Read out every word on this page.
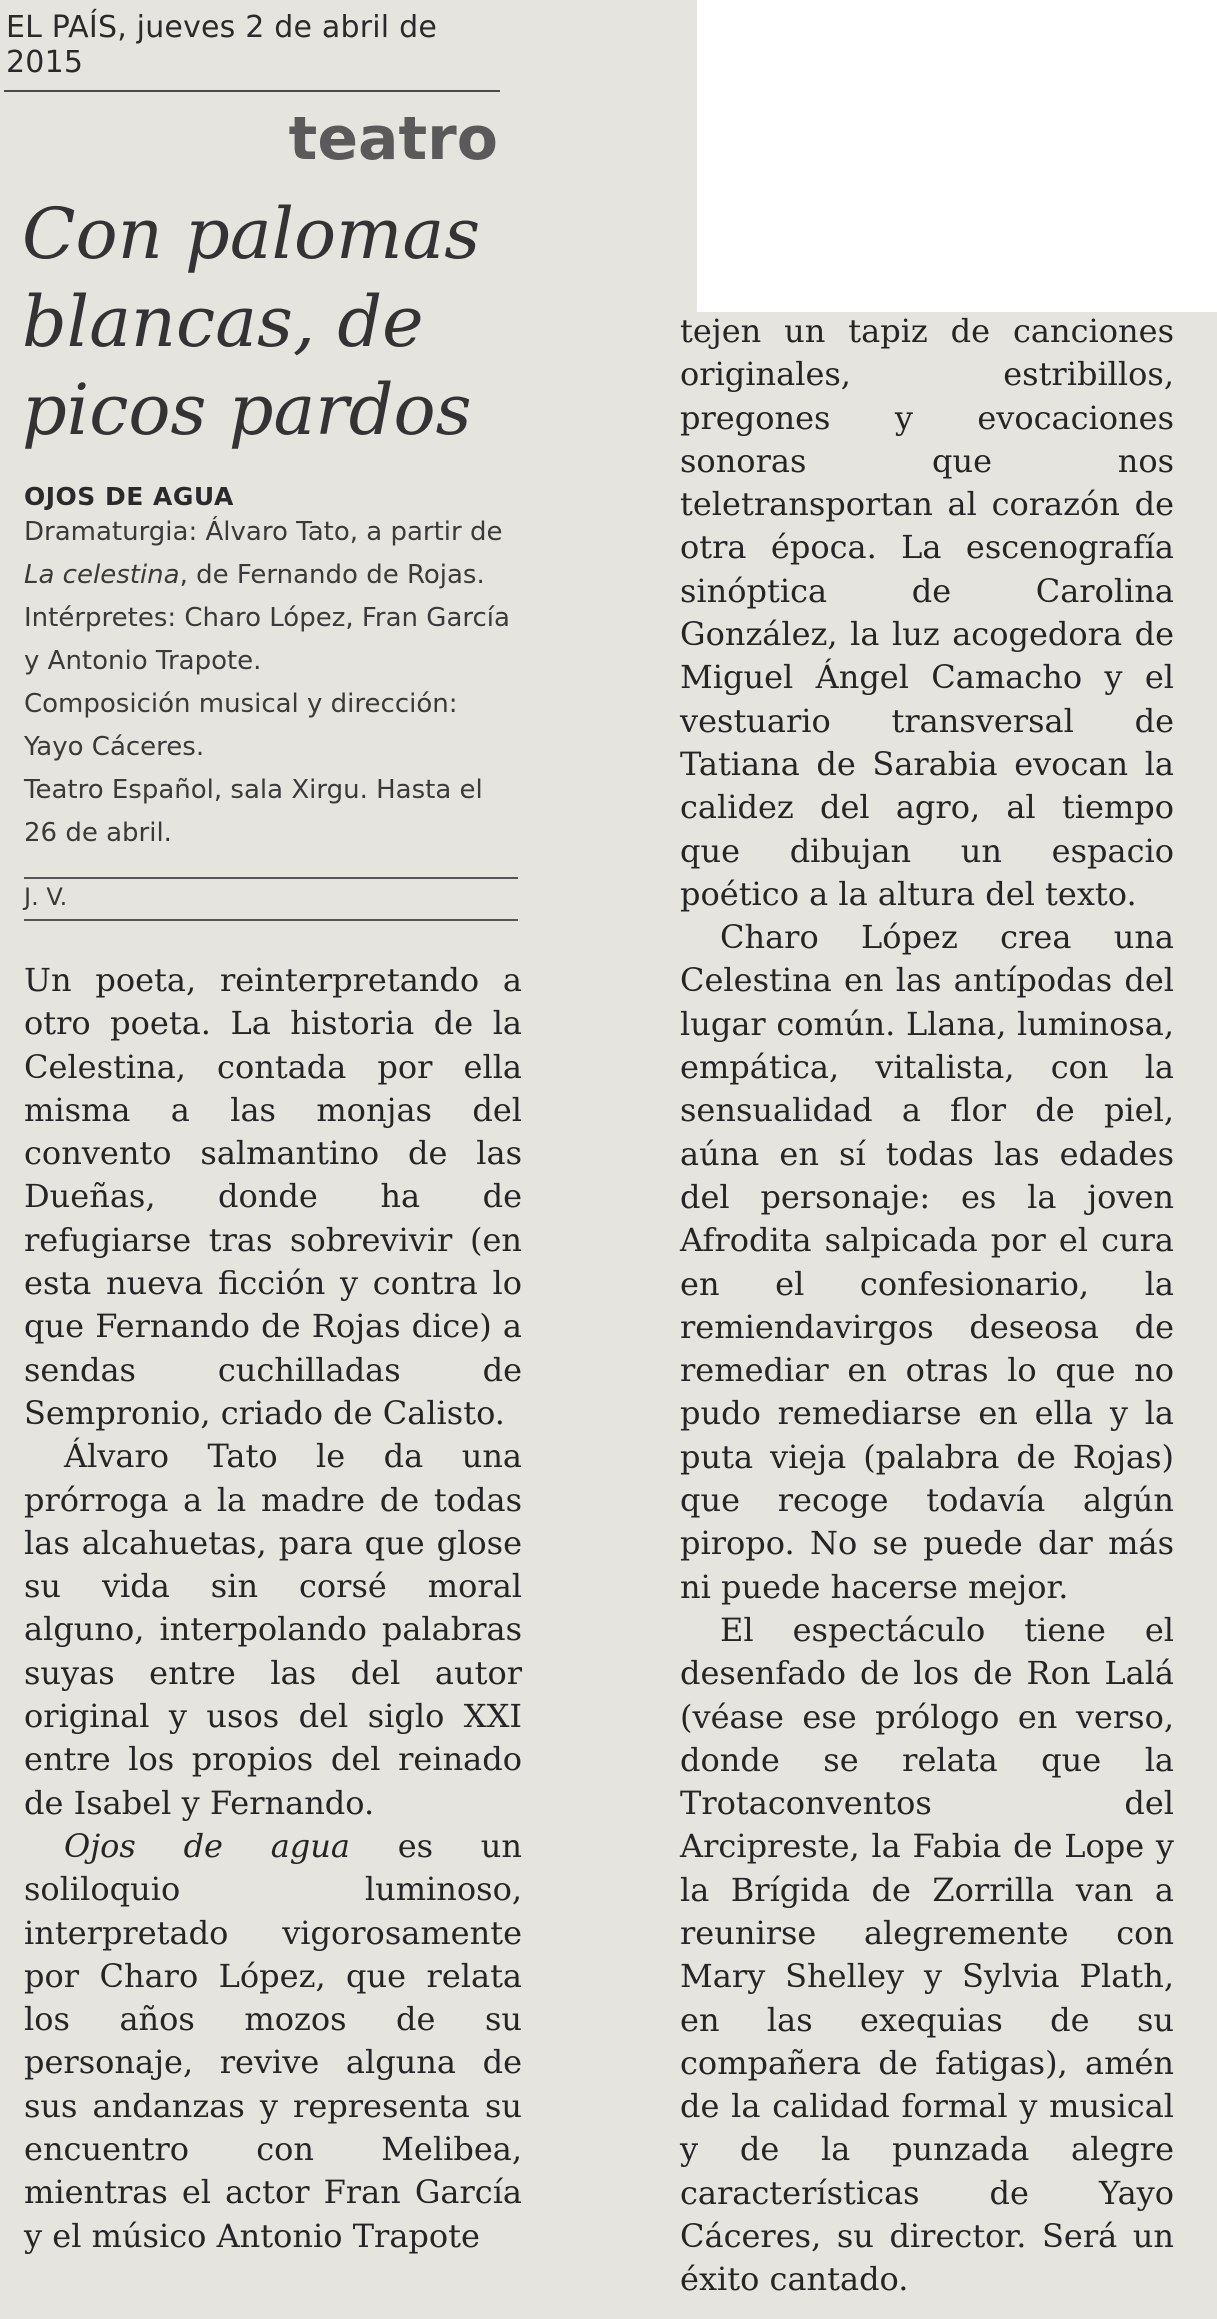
EL PAÍS, jueves 2 de abril de 2015
teatro
Con palomas blancas, de picos pardos
OJOS DE AGUA

Dramaturgia: Álvaro Tato, a partir de La celestina, de Fernando de Rojas.

Intérpretes: Charo López, Fran García y Antonio Trapote.

Composición musical y dirección: Yayo Cáceres.

Teatro Español, sala Xirgu. Hasta el 26 de abril.

J. V.

Un poeta, reinterpretando a otro poeta. La historia de la Celestina, contada por ella misma a las monjas del convento salmantino de las Dueñas, donde ha de refugiarse tras sobrevivir (en esta nueva ficción y contra lo que Fernando de Rojas dice) a sendas cuchilladas de Sempronio, criado de Calisto.

Álvaro Tato le da una prórroga a la madre de todas las alcahuetas, para que glose su vida sin corsé moral alguno, interpolando palabras suyas entre las del autor original y usos del siglo XXI entre los propios del reinado de Isabel y Fernando.

Ojos de agua es un soliloquio luminoso, interpretado vigorosamente por Charo López, que relata los años mozos de su personaje, revive alguna de sus andanzas y representa su encuentro con Melibea, mientras el actor Fran García y el músico Antonio Trapote

tejen un tapiz de canciones originales, estribillos, pregones y evocaciones sonoras que nos teletransportan al corazón de otra época. La escenografía sinóptica de Carolina González, la luz acogedora de Miguel Ángel Camacho y el vestuario transversal de Tatiana de Sarabia evocan la calidez del agro, al tiempo que dibujan un espacio poético a la altura del texto.

Charo López crea una Celestina en las antípodas del lugar común. Llana, luminosa, empática, vitalista, con la sensualidad a flor de piel, aúna en sí todas las edades del personaje: es la joven Afrodita salpicada por el cura en el confesionario, la remiendavirgos deseosa de remediar en otras lo que no pudo remediarse en ella y la puta vieja (palabra de Rojas) que recoge todavía algún piropo. No se puede dar más ni puede hacerse mejor.

El espectáculo tiene el desenfado de los de Ron Lalá (véase ese prólogo en verso, donde se relata que la Trotaconventos del Arcipreste, la Fabia de Lope y la Brígida de Zorrilla van a reunirse alegremente con Mary Shelley y Sylvia Plath, en las exequias de su compañera de fatigas), amén de la calidad formal y musical y de la punzada alegre características de Yayo Cáceres, su director. Será un éxito cantado.
